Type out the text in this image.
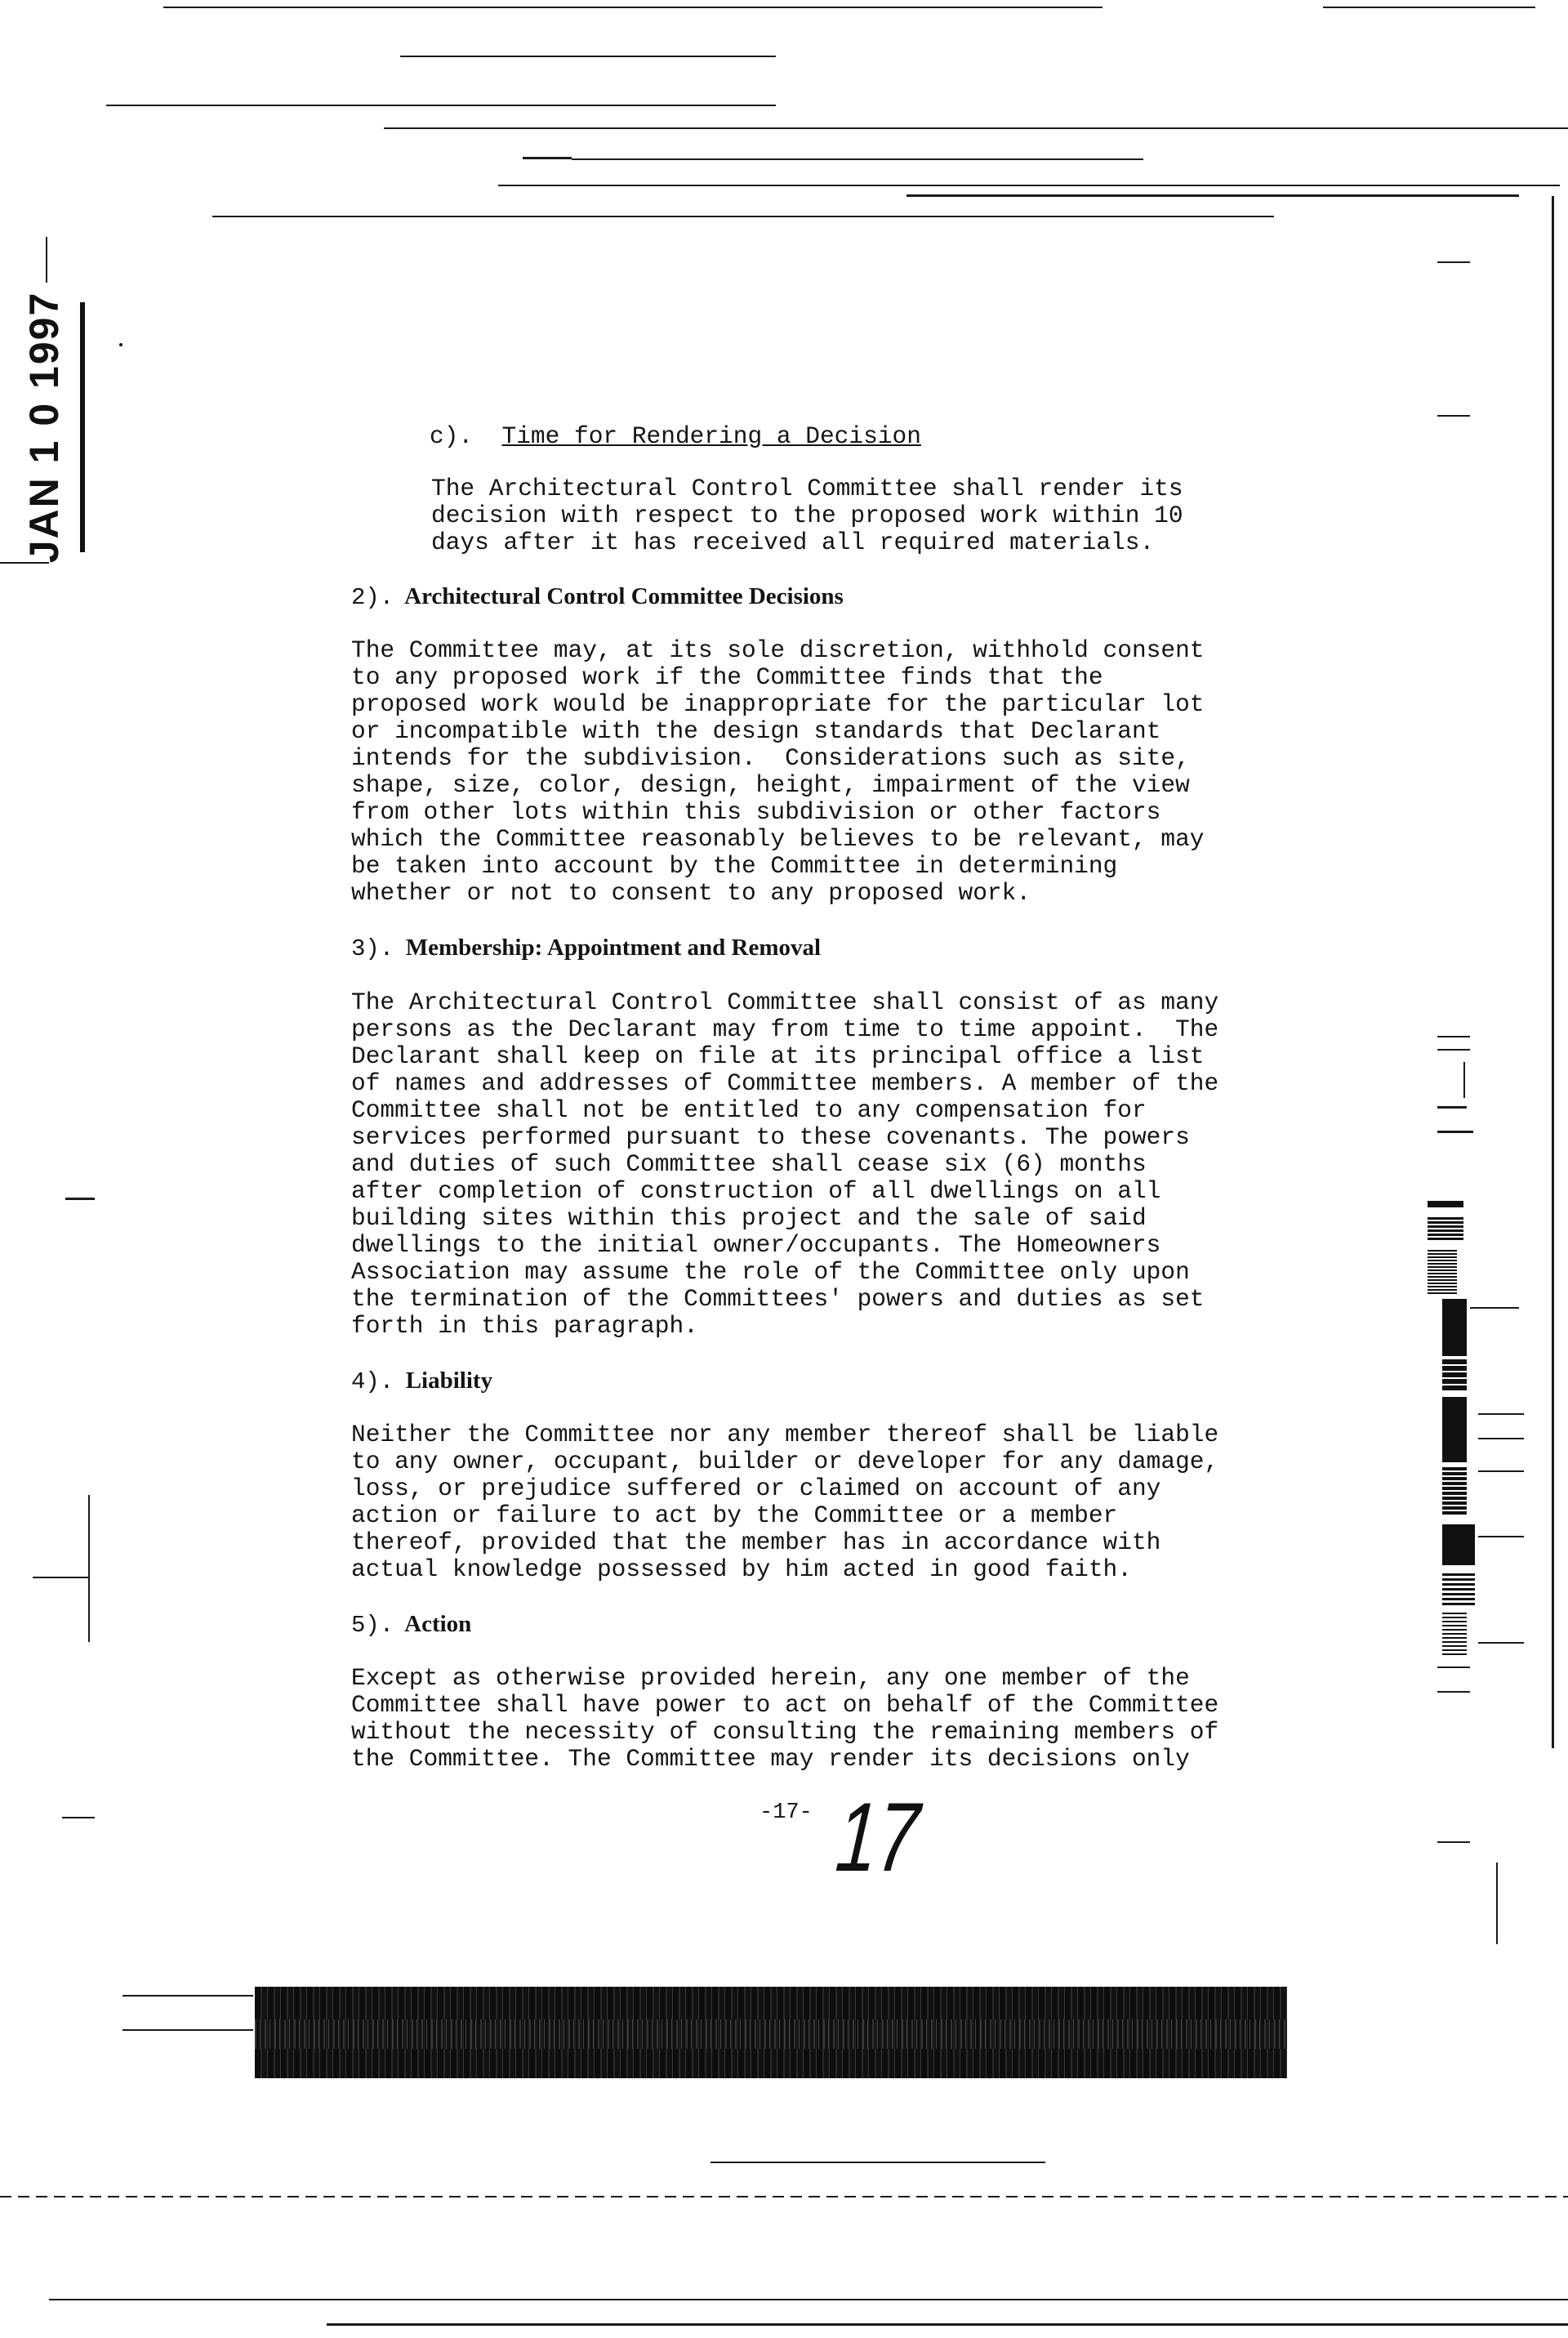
JAN 1 0 1997	c). Time for Rendering a Decision

The Architectural Control Committee shall render its
decision with respect to the proposed work within 10
days after it has received all required materials.

2). Architectural Control Committee Decisions

The Committee may, at its sole discretion, withhold consent
to any proposed work if the Committee finds that the
proposed work would be inappropriate for the particular lot
or incompatible with the design standards that Declarant
intends for the subdivision.  Considerations such as site,
shape, size, color, design, height, impairment of the view
from other lots within this subdivision or other factors
which the Committee reasonably believes to be relevant, may
be taken into account by the Committee in determining
whether or not to consent to any proposed work.

3). Membership: Appointment and Removal

The Architectural Control Committee shall consist of as many
persons as the Declarant may from time to time appoint.  The
Declarant shall keep on file at its principal office a list
of names and addresses of Committee members. A member of the
Committee shall not be entitled to any compensation for
services performed pursuant to these covenants. The powers
and duties of such Committee shall cease six (6) months
after completion of construction of all dwellings on all
building sites within this project and the sale of said
dwellings to the initial owner/occupants. The Homeowners
Association may assume the role of the Committee only upon
the termination of the Committees' powers and duties as set
forth in this paragraph.

4). Liability

Neither the Committee nor any member thereof shall be liable
to any owner, occupant, builder or developer for any damage,
loss, or prejudice suffered or claimed on account of any
action or failure to act by the Committee or a member
thereof, provided that the member has in accordance with
actual knowledge possessed by him acted in good faith.

5). Action

Except as otherwise provided herein, any one member of the
Committee shall have power to act on behalf of the Committee
without the necessity of consulting the remaining members of
the Committee. The Committee may render its decisions only

-17- 17
